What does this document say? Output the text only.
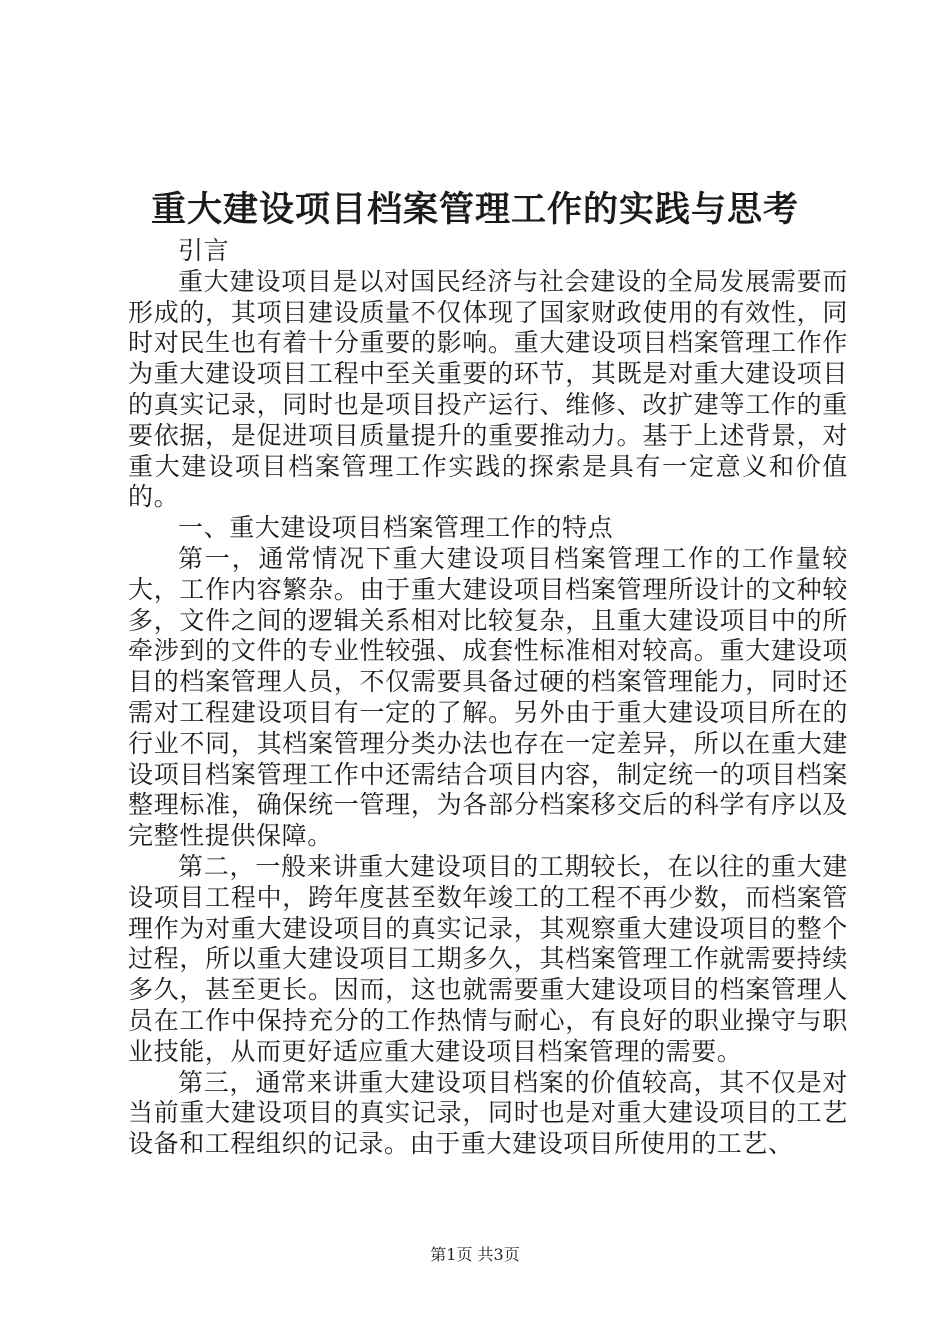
重大建设项目档案管理工作的实践与思考

引言

重大建设项目是以对国民经济与社会建设的全局发展需要而形成的，其项目建设质量不仅体现了国家财政使用的有效性，同时对民生也有着十分重要的影响。重大建设项目档案管理工作作为重大建设项目工程中至关重要的环节，其既是对重大建设项目的真实记录，同时也是项目投产运行、维修、改扩建等工作的重要依据，是促进项目质量提升的重要推动力。基于上述背景，对重大建设项目档案管理工作实践的探索是具有一定意义和价值的。

一、重大建设项目档案管理工作的特点

第一，通常情况下重大建设项目档案管理工作的工作量较大，工作内容繁杂。由于重大建设项目档案管理所设计的文种较多，文件之间的逻辑关系相对比较复杂，且重大建设项目中的所牵涉到的文件的专业性较强、成套性标准相对较高。重大建设项目的档案管理人员，不仅需要具备过硬的档案管理能力，同时还需对工程建设项目有一定的了解。另外由于重大建设项目所在的行业不同，其档案管理分类办法也存在一定差异，所以在重大建设项目档案管理工作中还需结合项目内容，制定统一的项目档案整理标准，确保统一管理，为各部分档案移交后的科学有序以及完整性提供保障。

第二，一般来讲重大建设项目的工期较长，在以往的重大建设项目工程中，跨年度甚至数年竣工的工程不再少数，而档案管理作为对重大建设项目的真实记录，其观察重大建设项目的整个过程，所以重大建设项目工期多久，其档案管理工作就需要持续多久，甚至更长。因而，这也就需要重大建设项目的档案管理人员在工作中保持充分的工作热情与耐心，有良好的职业操守与职业技能，从而更好适应重大建设项目档案管理的需要。

第三，通常来讲重大建设项目档案的价值较高，其不仅是对当前重大建设项目的真实记录，同时也是对重大建设项目的工艺设备和工程组织的记录。由于重大建设项目所使用的工艺、

第1页 共3页
